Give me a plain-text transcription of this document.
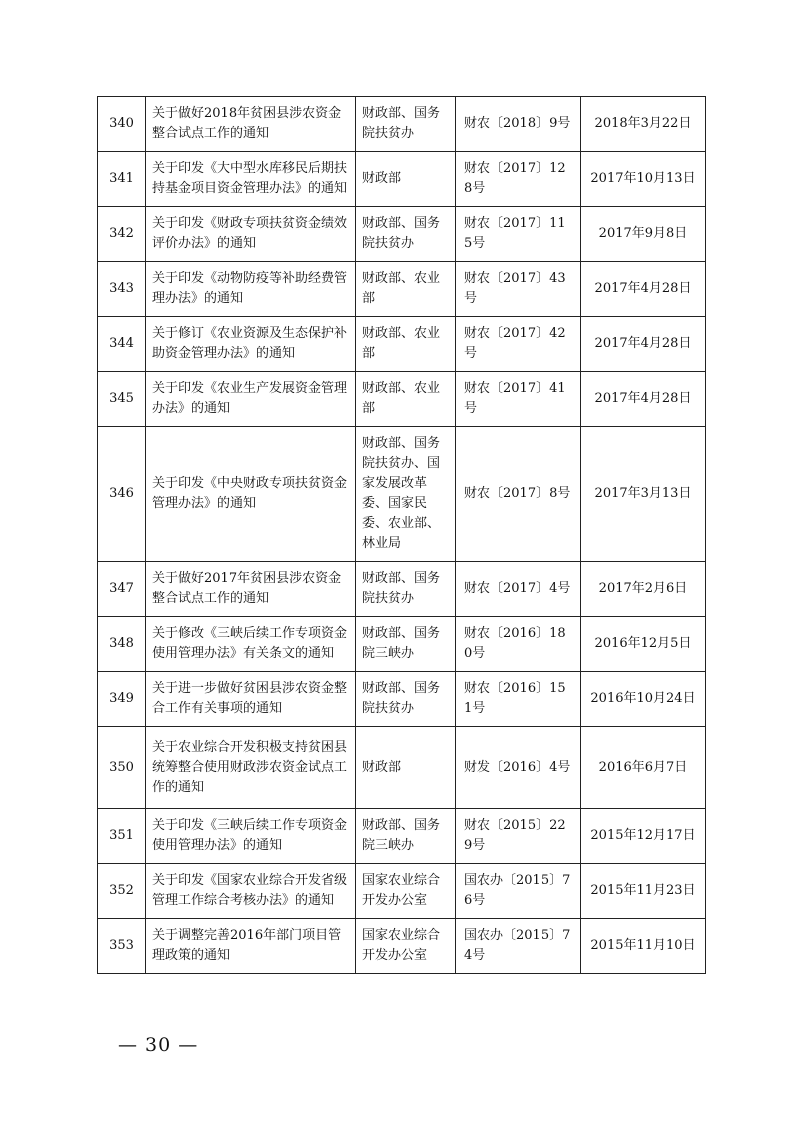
340	关于做好2018年贫困县涉农资金整合试点工作的通知	财政部、国务院扶贫办	财农〔2018〕9号	2018年3月22日
341	关于印发《大中型水库移民后期扶持基金项目资金管理办法》的通知	财政部	财农〔2017〕128号	2017年10月13日
342	关于印发《财政专项扶贫资金绩效评价办法》的通知	财政部、国务院扶贫办	财农〔2017〕115号	2017年9月8日
343	关于印发《动物防疫等补助经费管理办法》的通知	财政部、农业部	财农〔2017〕43号	2017年4月28日
344	关于修订《农业资源及生态保护补助资金管理办法》的通知	财政部、农业部	财农〔2017〕42号	2017年4月28日
345	关于印发《农业生产发展资金管理办法》的通知	财政部、农业部	财农〔2017〕41号	2017年4月28日
346	关于印发《中央财政专项扶贫资金管理办法》的通知	财政部、国务院扶贫办、国家发展改革委、国家民委、农业部、林业局	财农〔2017〕8号	2017年3月13日
347	关于做好2017年贫困县涉农资金整合试点工作的通知	财政部、国务院扶贫办	财农〔2017〕4号	2017年2月6日
348	关于修改《三峡后续工作专项资金使用管理办法》有关条文的通知	财政部、国务院三峡办	财农〔2016〕180号	2016年12月5日
349	关于进一步做好贫困县涉农资金整合工作有关事项的通知	财政部、国务院扶贫办	财农〔2016〕151号	2016年10月24日
350	关于农业综合开发积极支持贫困县统筹整合使用财政涉农资金试点工作的通知	财政部	财发〔2016〕4号	2016年6月7日
351	关于印发《三峡后续工作专项资金使用管理办法》的通知	财政部、国务院三峡办	财农〔2015〕229号	2015年12月17日
352	关于印发《国家农业综合开发省级管理工作综合考核办法》的通知	国家农业综合开发办公室	国农办〔2015〕76号	2015年11月23日
353	关于调整完善2016年部门项目管理政策的通知	国家农业综合开发办公室	国农办〔2015〕74号	2015年11月10日
— 30 —
